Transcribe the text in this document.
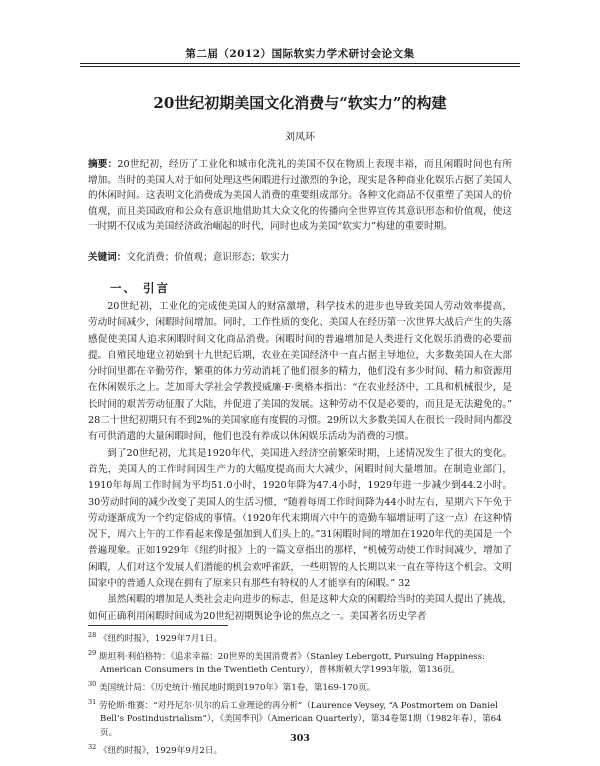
第二届（2012）国际软实力学术研讨会论文集
20世纪初期美国文化消费与“软实力”的构建
刘凤环
摘要：20世纪初，经历了工业化和城市化洗礼的美国不仅在物质上表现丰裕，而且闲暇时间也有所增加。当时的美国人对于如何处理这些闲暇进行过激烈的争论，现实是各种商业化娱乐占据了美国人的休闲时间。这表明文化消费成为美国人消费的重要组成部分。各种文化商品不仅重塑了美国人的价值观，而且美国政府和公众有意识地借助其大众文化的传播向全世界宣传其意识形态和价值观，使这一时期不仅成为美国经济政治崛起的时代，同时也成为美国“软实力”构建的重要时期。
关键词：文化消费；价值观；意识形态；软实力
一、 引言

20世纪初，工业化的完成使美国人的财富激增，科学技术的进步也导致美国人劳动效率提高，劳动时间减少，闲暇时间增加。同时，工作性质的变化、美国人在经历第一次世界大战后产生的失落感促使美国人追求闲暇时间文化商品消费。闲暇时间的普遍增加是人类进行文化娱乐消费的必要前提。自殖民地建立初始到十九世纪后期，农业在美国经济中一直占据主导地位，大多数美国人在大部分时间里都在辛勤劳作，繁重的体力劳动消耗了他们很多的精力，他们没有多少时间、精力和资源用在休闲娱乐之上。芝加哥大学社会学教授威廉·F·奥格本指出：“在农业经济中，工具和机械很少，是长时间的艰苦劳动征服了大陆，并促进了美国的发展。这种劳动不仅是必要的，而且是无法避免的。” 28二十世纪初期只有不到2%的美国家庭有度假的习惯。29所以大多数美国人在很长一段时间内都没有可供消遣的大量闲暇时间，他们也没有养成以休闲娱乐活动为消费的习惯。

到了20世纪初，尤其是1920年代，美国进入经济空前繁荣时期，上述情况发生了很大的变化。首先，美国人的工作时间因生产力的大幅度提高而大大减少，闲暇时间大量增加。在制造业部门，1910年每周工作时间为平均51.0小时，1920年降为47.4小时，1929年进一步减少到44.2小时。30劳动时间的减少改变了美国人的生活习惯，“随着每周工作时间降为44小时左右，星期六下午免于劳动逐渐成为一个约定俗成的事情。（1920年代末期周六中午的造勤车辐增证明了这一点）在这种情况下，周六上午的工作看起来像是强加到人们头上的。”31闲暇时间的增加在1920年代的美国是一个普遍现象。正如1929年《纽约时报》上的一篇文章指出的那样，“机械劳动使工作时间减少，增加了闲暇，人们对这个发展人们潜能的机会欢呼雀跃，一些明智的人长期以来一直在等待这个机会。文明国家中的普通人众现在拥有了原来只有那些有特权的人才能享有的闲暇。” 32

虽然闲暇的增加是人类社会走向进步的标志，但是这种大众的闲暇给当时的美国人提出了挑战，如何正确利用闲暇时间成为20世纪初期舆论争论的焦点之一。美国著名历史学者

$^{28}$ 《纽约时报》，1929年7月1日。

$^{29}$ 斯坦利·利伯格特：《追求幸福：20世界的美国消费者》（Stanley Lebergott, Pursuing Happiness: American Consumers in the Twentieth Century），普林斯顿大学1993年版，第136页。

$^{30}$ 美国统计局：《历史统计·殖民地时期到1970年》第1卷，第169-170页。

$^{31}$ 劳伦斯·维赛：“对丹尼尔·贝尔的后工业理论的再分析”（Laurence Veysey, “A Postmortem on Daniel Bell’s Postindustrialism”），《美国季刊》（American Quarterly），第34卷第1期（1982年春），第64页。

$^{32}$ 《纽约时报》，1929年9月2日。

303
